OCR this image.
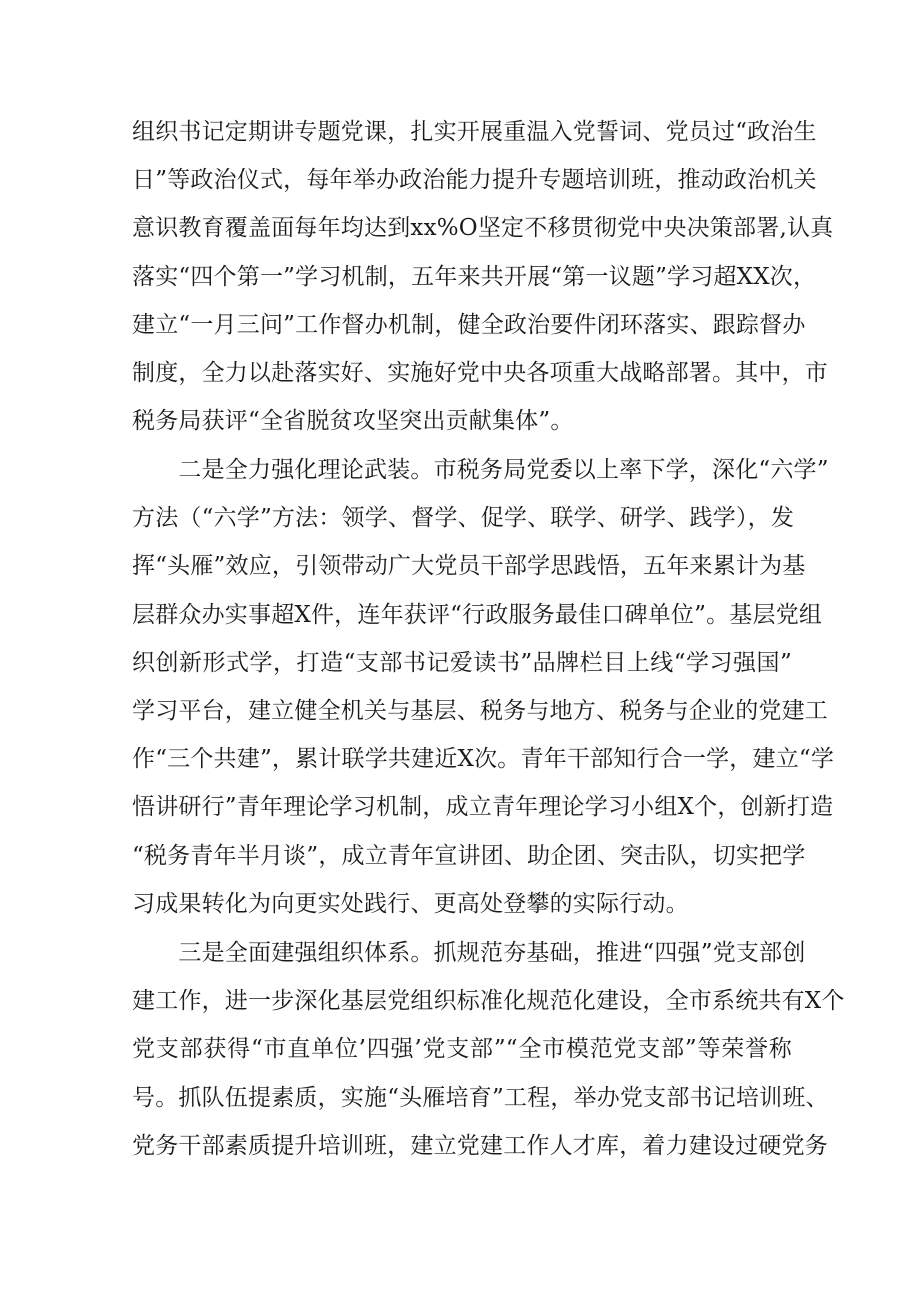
组织书记定期讲专题党课，扎实开展重温入党誓词、党员过“政治生
日”等政治仪式，每年举办政治能力提升专题培训班，推动政治机关
意识教育覆盖面每年均达到xx%O坚定不移贯彻党中央决策部署,认真
落实“四个第一”学习机制，五年来共开展“第一议题”学习超XX次，
建立“一月三问”工作督办机制，健全政治要件闭环落实、跟踪督办
制度，全力以赴落实好、实施好党中央各项重大战略部署。其中，市
税务局获评“全省脱贫攻坚突出贡献集体”。

　　二是全力强化理论武装。市税务局党委以上率下学，深化“六学”
方法（“六学”方法：领学、督学、促学、联学、研学、践学），发
挥“头雁”效应，引领带动广大党员干部学思践悟，五年来累计为基
层群众办实事超X件，连年获评“行政服务最佳口碑单位”。基层党组
织创新形式学，打造“支部书记爱读书”品牌栏目上线“学习强国”
学习平台，建立健全机关与基层、税务与地方、税务与企业的党建工
作“三个共建”，累计联学共建近X次。青年干部知行合一学，建立“学
悟讲研行”青年理论学习机制，成立青年理论学习小组X个，创新打造
“税务青年半月谈”，成立青年宣讲团、助企团、突击队，切实把学
习成果转化为向更实处践行、更高处登攀的实际行动。

　　三是全面建强组织体系。抓规范夯基础，推进“四强”党支部创
建工作，进一步深化基层党组织标准化规范化建设，全市系统共有X个
党支部获得“市直单位’四强’党支部”“全市模范党支部”等荣誉称
号。抓队伍提素质，实施“头雁培育”工程，举办党支部书记培训班、
党务干部素质提升培训班，建立党建工作人才库，着力建设过硬党务
